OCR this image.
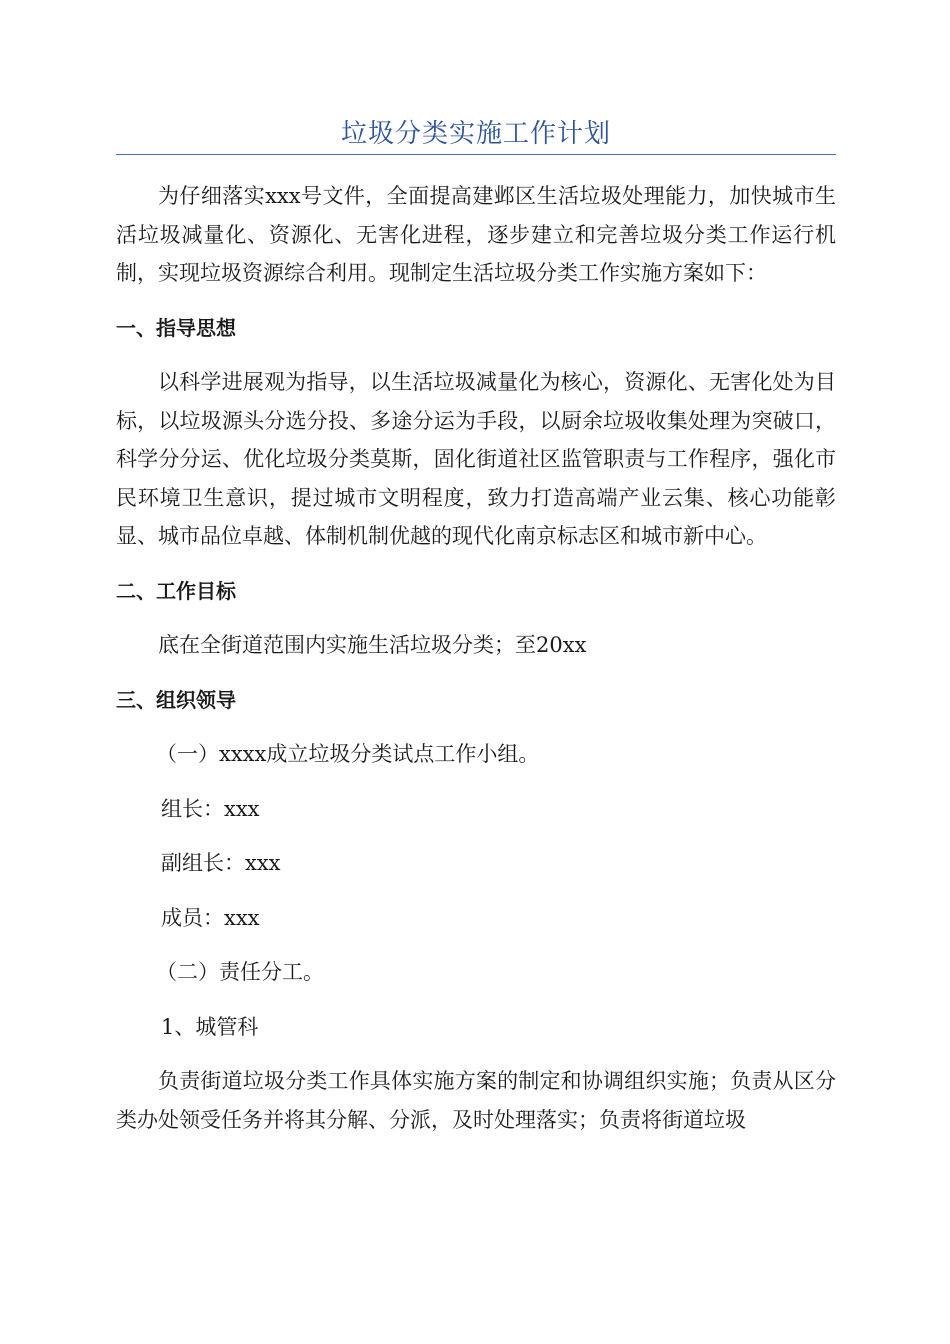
垃圾分类实施工作计划

为仔细落实xxx号文件，全面提高建邺区生活垃圾处理能力，加快城市生活垃圾减量化、资源化、无害化进程，逐步建立和完善垃圾分类工作运行机制，实现垃圾资源综合利用。现制定生活垃圾分类工作实施方案如下：

一、指导思想

以科学进展观为指导，以生活垃圾减量化为核心，资源化、无害化处为目标，以垃圾源头分选分投、多途分运为手段，以厨余垃圾收集处理为突破口，科学分分运、优化垃圾分类莫斯，固化街道社区监管职责与工作程序，强化市民环境卫生意识，提过城市文明程度，致力打造高端产业云集、核心功能彰显、城市品位卓越、体制机制优越的现代化南京标志区和城市新中心。

二、工作目标

底在全街道范围内实施生活垃圾分类；至20xx

三、组织领导

（一）xxxx成立垃圾分类试点工作小组。

组长：xxx

副组长：xxx

成员：xxx

（二）责任分工。

1、城管科

负责街道垃圾分类工作具体实施方案的制定和协调组织实施；负责从区分类办处领受任务并将其分解、分派，及时处理落实；负责将街道垃圾
